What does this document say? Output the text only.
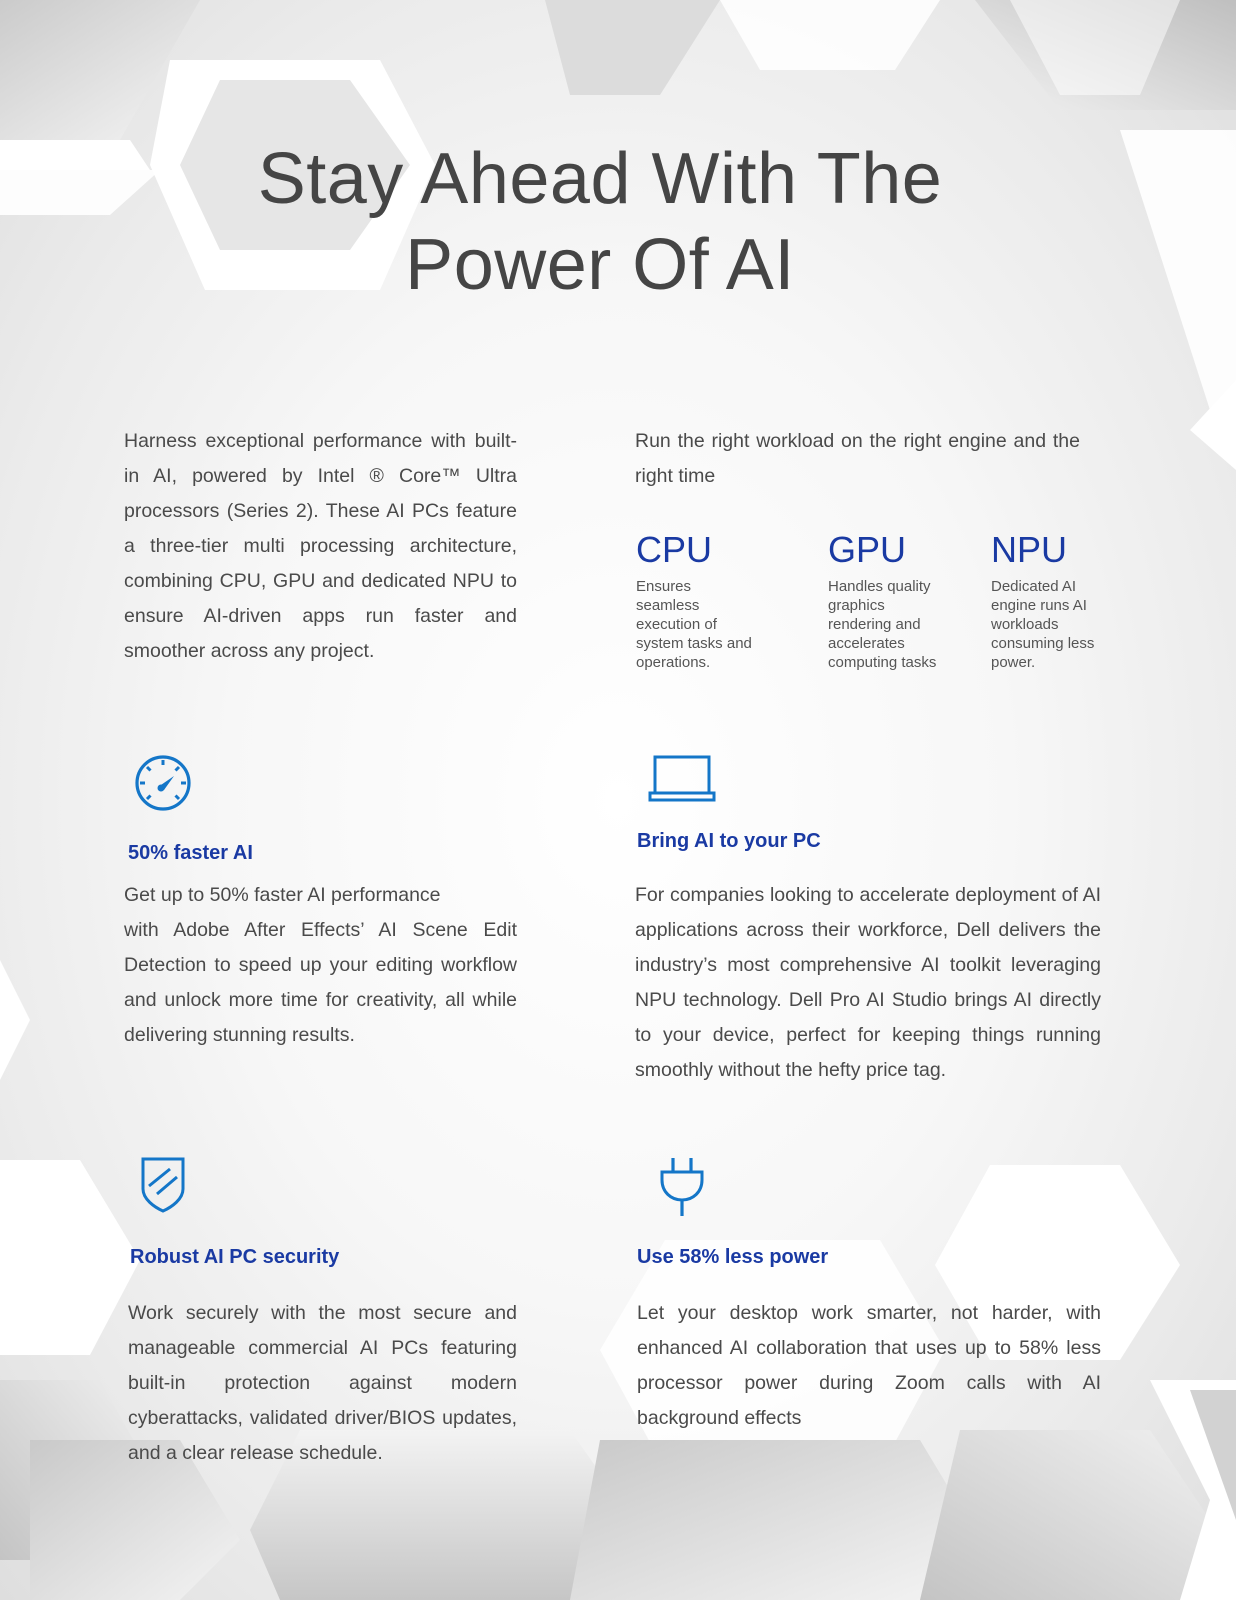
Stay Ahead With The
Power Of AI

Harness exceptional performance with built-in AI, powered by Intel ® Core™ Ultra processors (Series 2). These AI PCs feature a three-tier multi processing architecture, combining CPU, GPU and dedicated NPU to ensure AI-driven apps run faster and smoother across any project.

Run the right workload on the right engine and the right time

CPU

Ensures seamless execution of system tasks and operations.

GPU

Handles quality graphics rendering and accelerates computing tasks

NPU

Dedicated AI engine runs AI workloads consuming less power.

50% faster AI

Get up to 50% faster AI performance
with Adobe After Effects’ AI Scene Edit Detection to speed up your editing workflow and unlock more time for creativity, all while delivering stunning results.

Bring AI to your PC

For companies looking to accelerate deployment of AI applications across their workforce, Dell delivers the industry’s most comprehensive AI toolkit leveraging NPU technology. Dell Pro AI Studio brings AI directly to your device, perfect for keeping things running smoothly without the hefty price tag.

Robust AI PC security

Work securely with the most secure and manageable commercial AI PCs featuring built-in protection against modern cyberattacks, validated driver/BIOS updates, and a clear release schedule.

Use 58% less power

Let your desktop work smarter, not harder, with enhanced AI collaboration that uses up to 58% less processor power during Zoom calls with AI background effects
